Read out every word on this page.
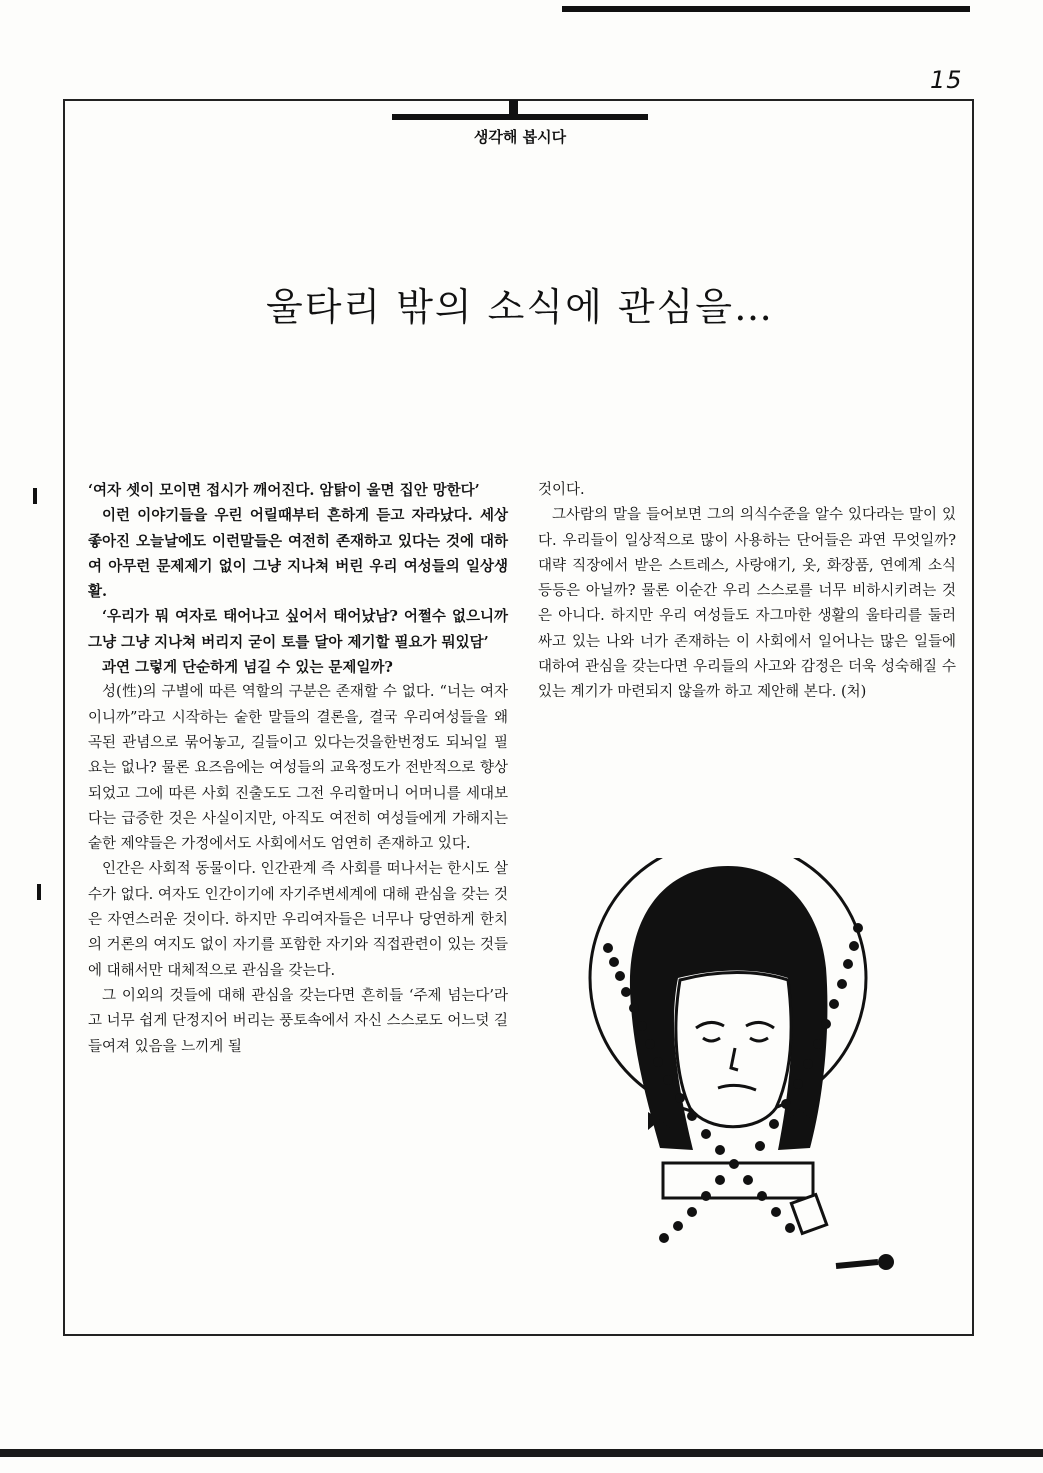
15
생각해 봅시다
울타리 밖의 소식에 관심을…

‘여자 셋이 모이면 접시가 깨어진다. 암탉이 울면 집안 망한다’

이런 이야기들을 우린 어릴때부터 흔하게 듣고 자라났다. 세상 좋아진 오늘날에도 이런말들은 여전히 존재하고 있다는 것에 대하여 아무런 문제제기 없이 그냥 지나쳐 버린 우리 여성들의 일상생활.

‘우리가 뭐 여자로 태어나고 싶어서 태어났남? 어쩔수 없으니까 그냥 그냥 지나쳐 버리지 굳이 토를 달아 제기할 필요가 뭐있담’

과연 그렇게 단순하게 넘길 수 있는 문제일까?

성(性)의 구별에 따른 역할의 구분은 존재할 수 없다. “너는 여자이니까”라고 시작하는 숱한 말들의 결론을, 결국 우리여성들을 왜곡된 관념으로 묶어놓고, 길들이고 있다는것을한번정도 되뇌일 필요는 없나? 물론 요즈음에는 여성들의 교육정도가 전반적으로 향상되었고 그에 따른 사회 진출도도 그전 우리할머니 어머니를 세대보다는 급증한 것은 사실이지만, 아직도 여전히 여성들에게 가해지는 숱한 제약들은 가정에서도 사회에서도 엄연히 존재하고 있다.

인간은 사회적 동물이다. 인간관계 즉 사회를 떠나서는 한시도 살수가 없다. 여자도 인간이기에 자기주변세계에 대해 관심을 갖는 것은 자연스러운 것이다. 하지만 우리여자들은 너무나 당연하게 한치의 거론의 여지도 없이 자기를 포함한 자기와 직접관련이 있는 것들에 대해서만 대체적으로 관심을 갖는다.

그 이외의 것들에 대해 관심을 갖는다면 흔히들 ‘주제 넘는다’라고 너무 쉽게 단정지어 버리는 풍토속에서 자신 스스로도 어느덧 길들여져 있음을 느끼게 될

것이다.

그사람의 말을 들어보면 그의 의식수준을 알수 있다라는 말이 있다. 우리들이 일상적으로 많이 사용하는 단어들은 과연 무엇일까? 대략 직장에서 받은 스트레스, 사랑얘기, 옷, 화장품, 연예계 소식 등등은 아닐까? 물론 이순간 우리 스스로를 너무 비하시키려는 것은 아니다. 하지만 우리 여성들도 자그마한 생활의 울타리를 둘러싸고 있는 나와 너가 존재하는 이 사회에서 일어나는 많은 일들에 대하여 관심을 갖는다면 우리들의 사고와 감정은 더욱 성숙해질 수 있는 계기가 마련되지 않을까 하고 제안해 본다. (처)
